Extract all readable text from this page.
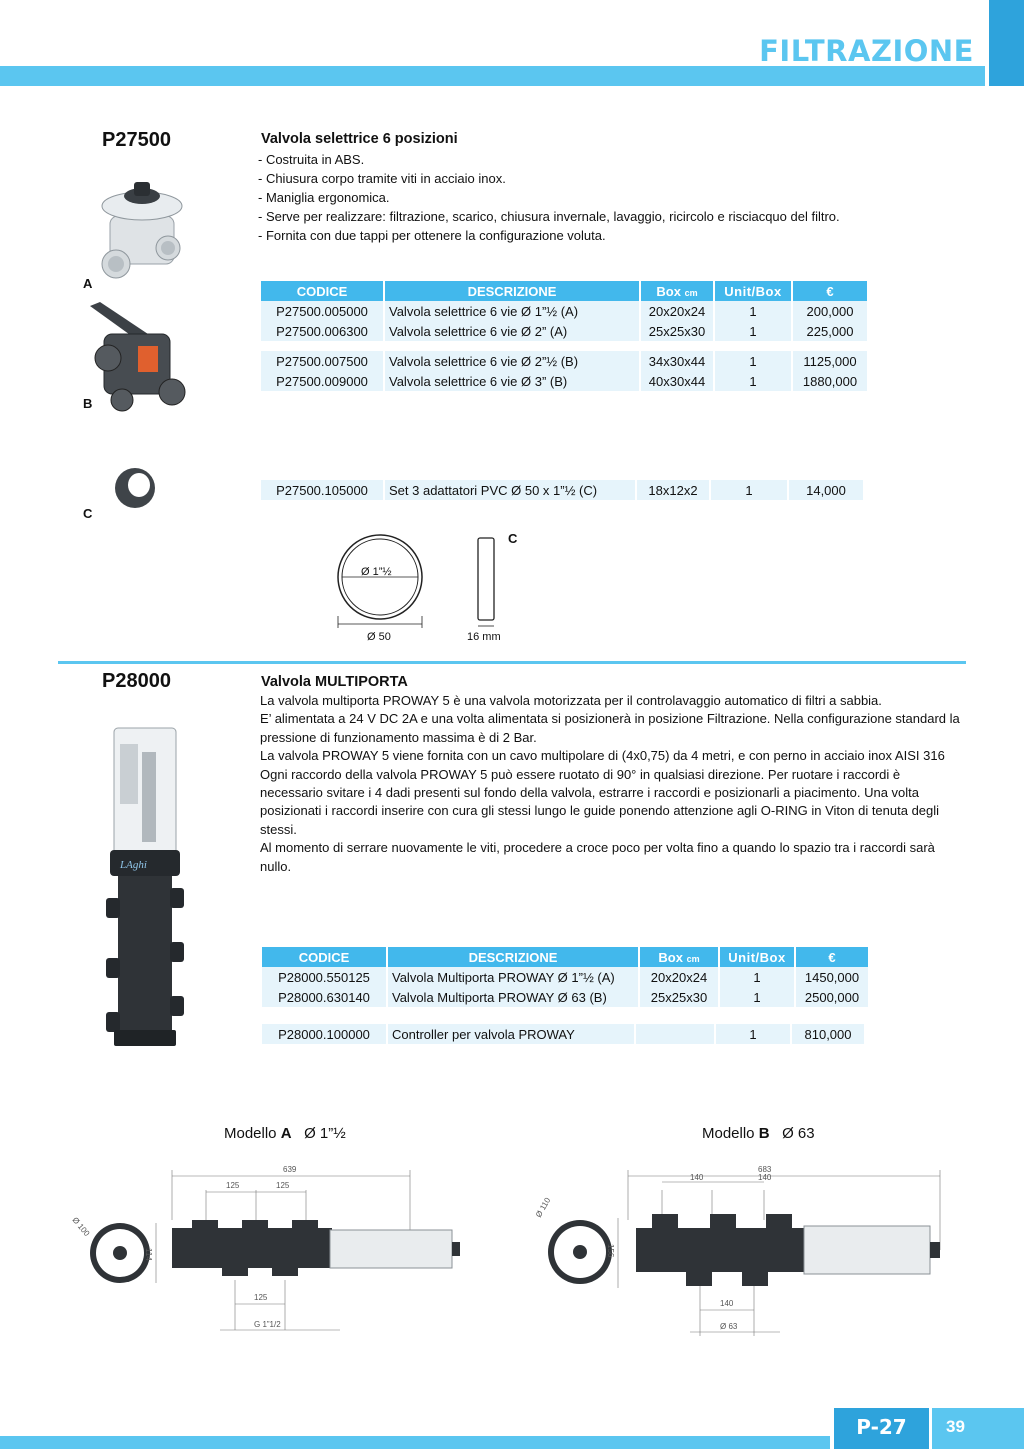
FILTRAZIONE
P27500	Valvola selettrice 6 posizioni
- Costruita in ABS.
- Chiusura corpo tramite viti in acciaio inox.
- Maniglia ergonomica.
- Serve per realizzare: filtrazione, scarico, chiusura invernale, lavaggio, ricircolo e risciacquo del filtro.
- Fornita con due tappi per ottenere la configurazione voluta.
A
B
C
CODICE	DESCRIZIONE	Box cm	Unit/Box	€
P27500.005000	Valvola selettrice 6 vie Ø 1”½ (A)	20x20x24	1	200,000
P27500.006300	Valvola selettrice 6 vie Ø 2” (A)	25x25x30	1	225,000

P27500.007500	Valvola selettrice 6 vie Ø 2”½ (B)	34x30x44	1	1125,000
P27500.009000	Valvola selettrice 6 vie Ø 3” (B)	40x30x44	1	1880,000
P27500.105000	Set 3 adattatori PVC Ø 50 x 1”½ (C)	18x12x2	1	14,000
Ø 1”½
Ø 50	16 mm
C
P28000	Valvola MULTIPORTA
La valvola multiporta PROWAY 5 è una valvola motorizzata per il controlavaggio automatico di filtri a sabbia.
E’ alimentata a 24 V DC 2A e una volta alimentata si posizionerà in posizione Filtrazione. Nella configurazione standard la pressione di funzionamento massima è di 2 Bar.
La valvola PROWAY 5 viene fornita con un cavo multipolare di (4x0,75) da 4 metri, e con perno in acciaio inox AISI 316
Ogni raccordo della valvola PROWAY 5 può essere ruotato di 90° in qualsiasi direzione. Per ruotare i raccordi è necessario svitare i 4 dadi presenti sul fondo della valvola, estrarre i raccordi e posizionarli a piacimento. Una volta posizionati i raccordi inserire con cura gli stessi lungo le guide ponendo attenzione agli O-RING in Viton di tenuta degli stessi.
Al momento di serrare nuovamente le viti, procedere a croce poco per volta fino a quando lo spazio tra i raccordi sarà nullo.
LAghi
CODICE	DESCRIZIONE	Box cm	Unit/Box	€
P28000.550125	Valvola Multiporta PROWAY Ø 1”½ (A)	20x20x24	1	1450,000
P28000.630140	Valvola Multiporta PROWAY Ø 63 (B)	25x25x30	1	2500,000
P28000.100000	Controller per valvola PROWAY		1	810,000
Modello A Ø 1”½	Modello B Ø 63
639
125	125
Ø 100
114
125
G 1”1/2
683
140	140
Ø 110
156
140
Ø 63
P-27	39
